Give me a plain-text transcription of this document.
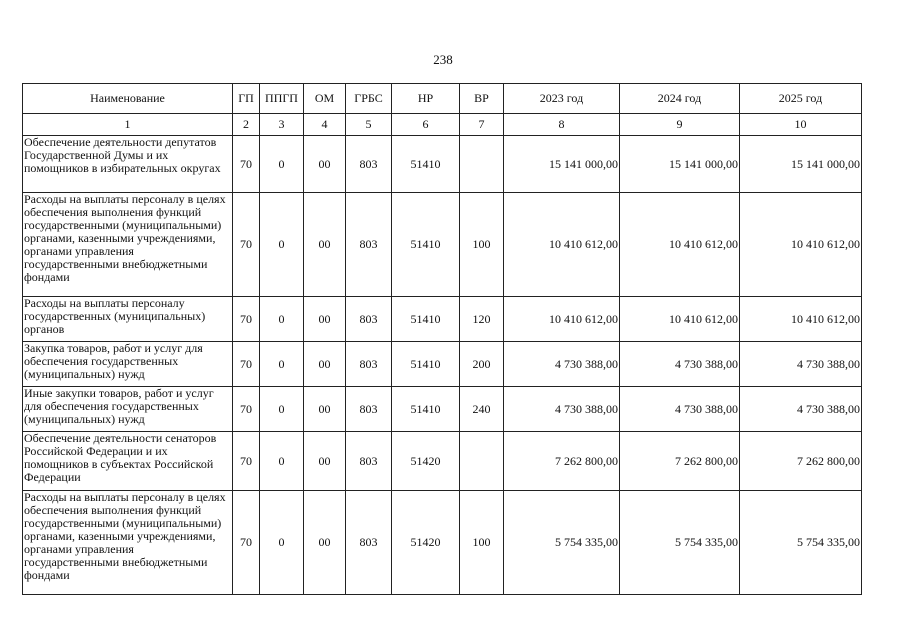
238
Наименование	ГП	ППГП	ОМ	ГРБС	НР	ВР	2023 год	2024 год	2025 год
1	2	3	4	5	6	7	8	9	10
Обеспечение деятельности депутатов Государственной Думы и их помощников в избирательных округах	70	0	00	803	51410		15 141 000,00	15 141 000,00	15 141 000,00
Расходы на выплаты персоналу в целях обеспечения выполнения функций государственными (муниципальными) органами, казенными учреждениями, органами управления государственными внебюджетными фондами	70	0	00	803	51410	100	10 410 612,00	10 410 612,00	10 410 612,00
Расходы на выплаты персоналу государственных (муниципальных) органов	70	0	00	803	51410	120	10 410 612,00	10 410 612,00	10 410 612,00
Закупка товаров, работ и услуг для обеспечения государственных (муниципальных) нужд	70	0	00	803	51410	200	4 730 388,00	4 730 388,00	4 730 388,00
Иные закупки товаров, работ и услуг для обеспечения государственных (муниципальных) нужд	70	0	00	803	51410	240	4 730 388,00	4 730 388,00	4 730 388,00
Обеспечение деятельности сенаторов Российской Федерации и их помощников в субъектах Российской Федерации	70	0	00	803	51420		7 262 800,00	7 262 800,00	7 262 800,00
Расходы на выплаты персоналу в целях обеспечения выполнения функций государственными (муниципальными) органами, казенными учреждениями, органами управления государственными внебюджетными фондами	70	0	00	803	51420	100	5 754 335,00	5 754 335,00	5 754 335,00
